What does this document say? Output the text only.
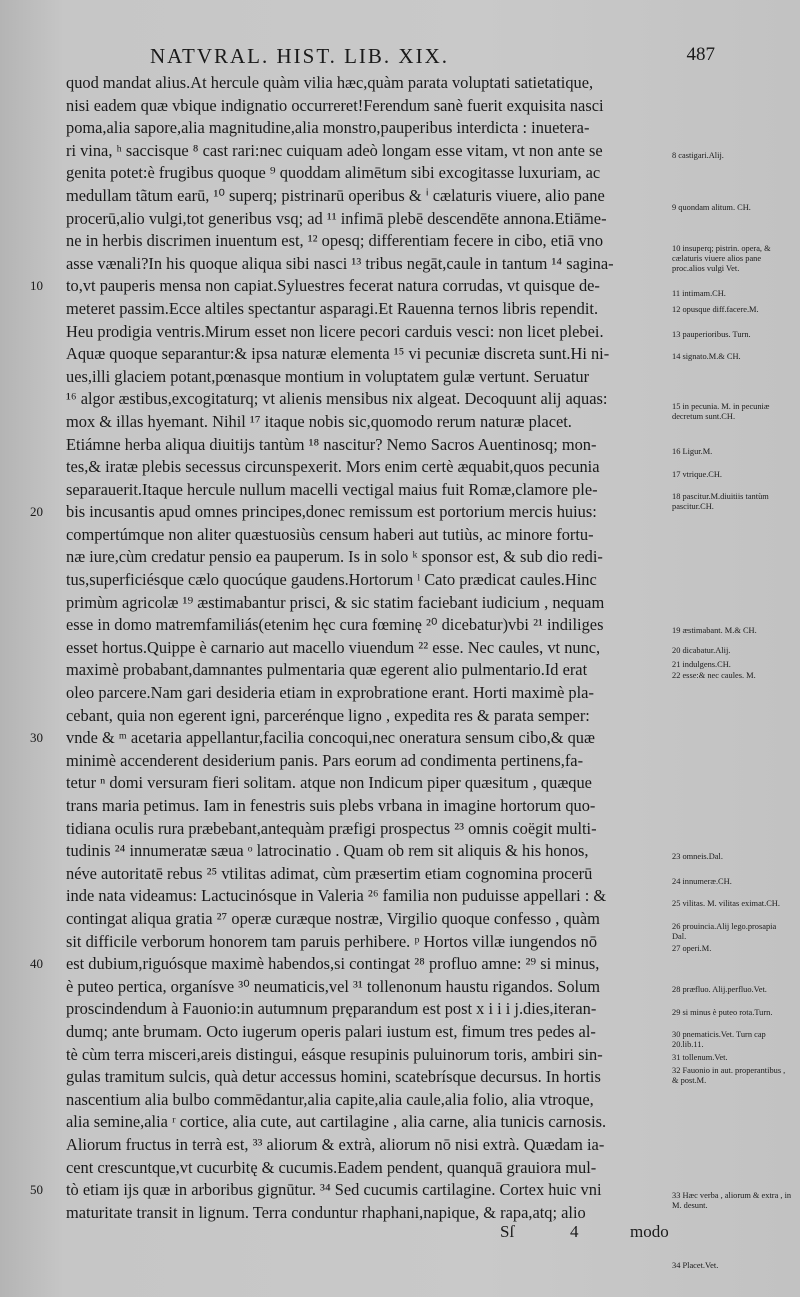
NATVRAL. HIST. LIB. XIX.	487
quod mandat alius.At hercule quàm vilia hæc,quàm parata voluptati satietatique,
nisi eadem quæ vbique indignatio occurreret!Ferendum sanè fuerit exquisita nasci
poma,alia sapore,alia magnitudine,alia monstro,pauperibus interdicta : inuetera-
ri vina, ʰ saccisque ⁸ cast rari:nec cuiquam adeò longam esse vitam, vt non ante se
genita potet:è frugibus quoque ⁹ quoddam alimētum sibi excogitasse luxuriam, ac
medullam tãtum earū, ¹⁰ superq; pistrinarū operibus & ⁱ cælaturis viuere, alio pane
procerū,alio vulgi,tot generibus vsq; ad ¹¹ infimā plebē descendēte annona.Etiāme-
ne in herbis discrimen inuentum est, ¹² opesq; differentiam fecere in cibo, etiā vno
asse vænali?In his quoque aliqua sibi nasci ¹³ tribus negāt,caule in tantum ¹⁴ sagina-
10 to,vt pauperis mensa non capiat.Syluestres fecerat natura corrudas, vt quisque de-
meteret passim.Ecce altiles spectantur asparagi.Et Rauenna ternos libris rependit.
Heu prodigia ventris.Mirum esset non licere pecori carduis vesci: non licet plebei.
Aquæ quoque separantur:& ipsa naturæ elementa ¹⁵ vi pecuniæ discreta sunt.Hi ni-
ues,illi glaciem potant,pœnasque montium in voluptatem gulæ vertunt. Seruatur
¹⁶ algor æstibus,excogitaturq; vt alienis mensibus nix algeat. Decoquunt alij aquas:
mox & illas hyemant. Nihil ¹⁷ itaque nobis sic,quomodo rerum naturæ placet.
Etiámne herba aliqua diuitijs tantùm ¹⁸ nascitur? Nemo Sacros Auentinosq; mon-
tes,& iratæ plebis secessus circunspexerit. Mors enim certè æquabit,quos pecunia
separauerit.Itaque hercule nullum macelli vectigal maius fuit Romæ,clamore ple-
20 bis incusantis apud omnes principes,donec remissum est portorium mercis huius:
compertúmque non aliter quæstuosiùs censum haberi aut tutiùs, ac minore fortu-
næ iure,cùm credatur pensio ea pauperum. Is in solo ᵏ sponsor est, & sub dio redi-
tus,superficiésque cælo quocúque gaudens.Hortorum ˡ Cato prædicat caules.Hinc
primùm agricolæ ¹⁹ æstimabantur prisci, & sic statim faciebant iudicium , nequam
esse in domo matremfamiliás(etenim hęc cura fœminę ²⁰ dicebatur)vbi ²¹ indiliges
esset hortus.Quippe è carnario aut macello viuendum ²² esse. Nec caules, vt nunc,
maximè probabant,damnantes pulmentaria quæ egerent alio pulmentario.Id erat
oleo parcere.Nam gari desideria etiam in exprobratione erant. Horti maximè pla-
cebant, quia non egerent igni, parcerénque ligno , expedita res & parata semper:
30 vnde & ᵐ acetaria appellantur,facilia concoqui,nec oneratura sensum cibo,& quæ
minimè accenderent desiderium panis. Pars eorum ad condimenta pertinens,fa-
tetur ⁿ domi versuram fieri solitam. atque non Indicum piper quæsitum , quæque
trans maria petimus. Iam in fenestris suis plebs vrbana in imagine hortorum quo-
tidiana oculis rura præbebant,antequàm præfigi prospectus ²³ omnis coëgit multi-
tudinis ²⁴ innumeratæ sæua ᵒ latrocinatio . Quam ob rem sit aliquis & his honos,
néve autoritatē rebus ²⁵ vtilitas adimat, cùm præsertim etiam cognomina procerū
inde nata videamus: Lactucinósque in Valeria ²⁶ familia non puduisse appellari : &
contingat aliqua gratia ²⁷ operæ curæque nostræ, Virgilio quoque confesso , quàm
sit difficile verborum honorem tam paruis perhibere. ᵖ Hortos villæ iungendos nō
40 est dubium,riguósque maximè habendos,si contingat ²⁸ profluo amne: ²⁹ si minus,
è puteo pertica, organísve ³⁰ neumaticis,vel ³¹ tollenonum haustu rigandos. Solum
proscindendum à Fauonio:in autumnum pręparandum est post x i i i j.dies,iteran-
dumq; ante brumam. Octo iugerum operis palari iustum est, fimum tres pedes al-
tè cùm terra misceri,areis distingui, eásque resupinis puluinorum toris, ambiri sin-
gulas tramitum sulcis, quà detur accessus homini, scatebrísque decursus. In hortis
nascentium alia bulbo commēdantur,alia capite,alia caule,alia folio, alia vtroque,
alia semine,alia ʳ cortice, alia cute, aut cartilagine , alia carne, alia tunicis carnosis.
Aliorum fructus in terrà est, ³³ aliorum & extrà, aliorum nō nisi extrà. Quædam ia-
cent crescuntque,vt cucurbitę & cucumis.Eadem pendent, quanquā grauiora mul-
50 tò etiam ijs quæ in arboribus gignūtur. ³⁴ Sed cucumis cartilagine. Cortex huic vni
maturitate transit in lignum. Terra conduntur rhaphani,napique, & rapa,atq; alio
8 castigari.Alij.
9 quondam alitum. CH.
10 insuperq; pistrin. opera, & cælaturis viuere alios pane proc.alios vulgi Vet.
11 intimam.CH.
12 opusque diff.facere.M.
13 pauperioribus. Turn.
14 signato.M.& CH.
15 in pecunia. M. in pecuniæ decretum sunt.CH.
16 Ligur.M.
17 vtrique.CH.
18 pascitur.M.diuitiis tantùm pascitur.CH.
19 æstimabant. M.& CH.
20 dicabatur.Alij.
21 indulgens.CH.
22 esse:& nec caules. M.
23 omneis.Dal.
24 innumeræ.CH.
25 vilitas. M. vilitas eximat.CH.
26 prouincia.Alij lego.prosapia Dal.
27 operi.M.
28 præfluo. Alij.perfluo.Vet.
29 si minus è puteo rota.Turn.
30 pnematicis.Vet. Turn cap 20.lib.11.
31 tollenum.Vet.
32 Fauonio in aut. properantibus , & post.M.
33 Hæc verba , aliorum & extra , in M. desunt.
34 Placet.Vet.
Sſ	4	modo
